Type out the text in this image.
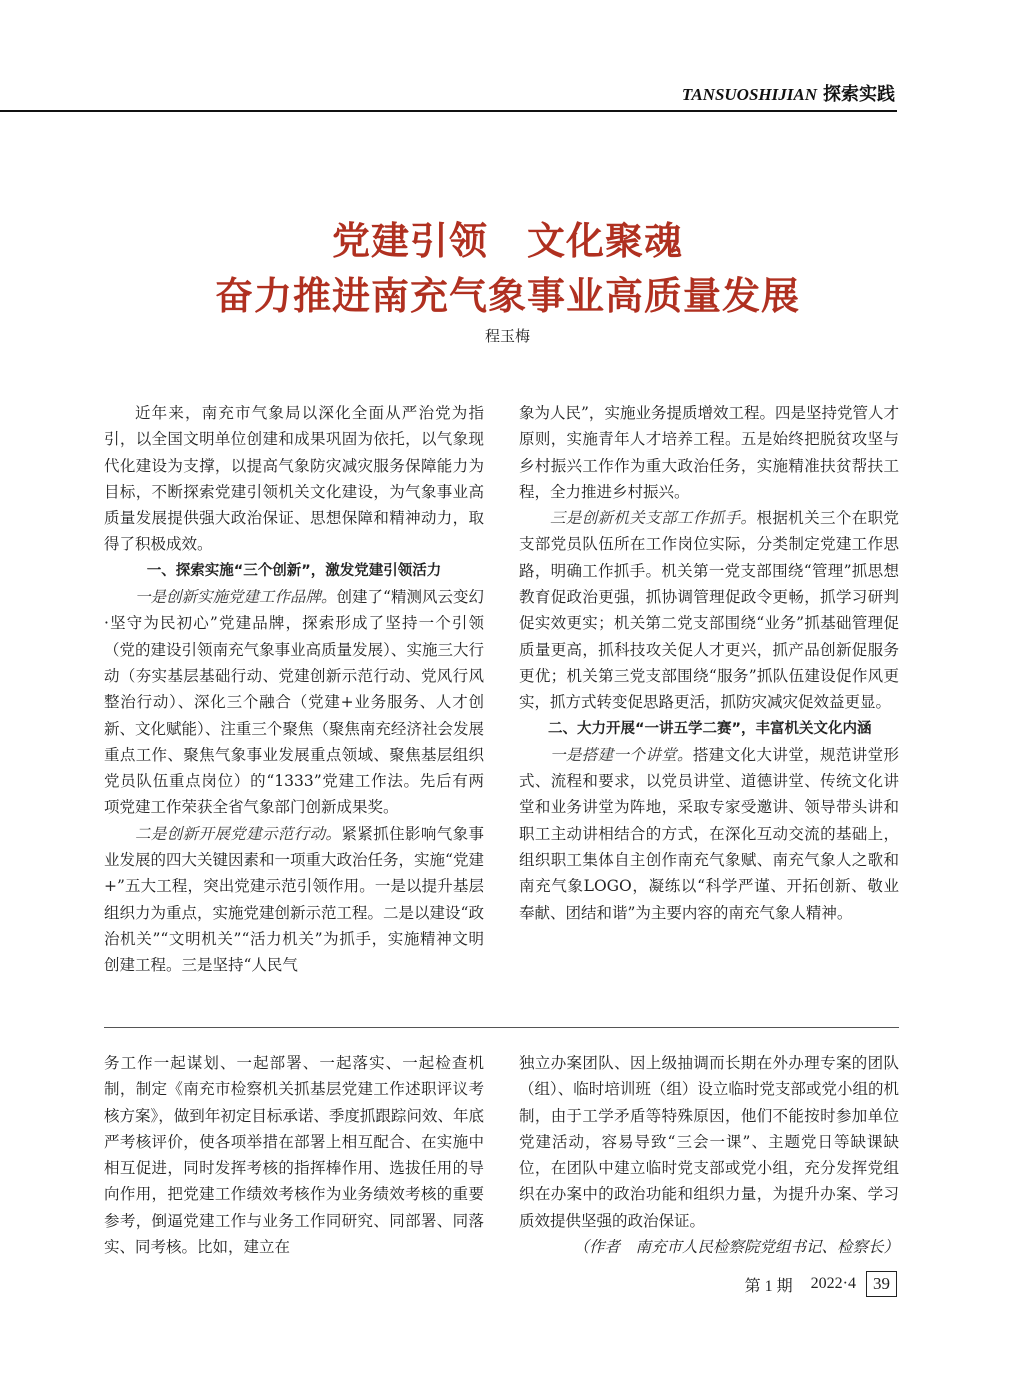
TANSUOSHIJIAN 探索实践
党建引领　文化聚魂
奋力推进南充气象事业高质量发展
程玉梅

近年来，南充市气象局以深化全面从严治党为指引，以全国文明单位创建和成果巩固为依托，以气象现代化建设为支撑，以提高气象防灾减灾服务保障能力为目标，不断探索党建引领机关文化建设，为气象事业高质量发展提供强大政治保证、思想保障和精神动力，取得了积极成效。

一、探索实施“三个创新”，激发党建引领活力

一是创新实施党建工作品牌。创建了“精测风云变幻·坚守为民初心”党建品牌，探索形成了坚持一个引领（党的建设引领南充气象事业高质量发展）、实施三大行动（夯实基层基础行动、党建创新示范行动、党风行风整治行动）、深化三个融合（党建+业务服务、人才创新、文化赋能）、注重三个聚焦（聚焦南充经济社会发展重点工作、聚焦气象事业发展重点领域、聚焦基层组织党员队伍重点岗位）的“1333”党建工作法。先后有两项党建工作荣获全省气象部门创新成果奖。

二是创新开展党建示范行动。紧紧抓住影响气象事业发展的四大关键因素和一项重大政治任务，实施“党建+”五大工程，突出党建示范引领作用。一是以提升基层组织力为重点，实施党建创新示范工程。二是以建设“政治机关”“文明机关”“活力机关”为抓手，实施精神文明创建工程。三是坚持“人民气

象为人民”，实施业务提质增效工程。四是坚持党管人才原则，实施青年人才培养工程。五是始终把脱贫攻坚与乡村振兴工作作为重大政治任务，实施精准扶贫帮扶工程，全力推进乡村振兴。

三是创新机关支部工作抓手。根据机关三个在职党支部党员队伍所在工作岗位实际，分类制定党建工作思路，明确工作抓手。机关第一党支部围绕“管理”抓思想教育促政治更强，抓协调管理促政令更畅，抓学习研判促实效更实；机关第二党支部围绕“业务”抓基础管理促质量更高，抓科技攻关促人才更兴，抓产品创新促服务更优；机关第三党支部围绕“服务”抓队伍建设促作风更实，抓方式转变促思路更活，抓防灾减灾促效益更显。

二、大力开展“一讲五学二赛”，丰富机关文化内涵

一是搭建一个讲堂。搭建文化大讲堂，规范讲堂形式、流程和要求，以党员讲堂、道德讲堂、传统文化讲堂和业务讲堂为阵地，采取专家受邀讲、领导带头讲和职工主动讲相结合的方式，在深化互动交流的基础上，组织职工集体自主创作南充气象赋、南充气象人之歌和南充气象LOGO，凝练以“科学严谨、开拓创新、敬业奉献、团结和谐”为主要内容的南充气象人精神。

务工作一起谋划、一起部署、一起落实、一起检查机制，制定《南充市检察机关抓基层党建工作述职评议考核方案》，做到年初定目标承诺、季度抓跟踪问效、年底严考核评价，使各项举措在部署上相互配合、在实施中相互促进，同时发挥考核的指挥棒作用、选拔任用的导向作用，把党建工作绩效考核作为业务绩效考核的重要参考，倒逼党建工作与业务工作同研究、同部署、同落实、同考核。比如，建立在

独立办案团队、因上级抽调而长期在外办理专案的团队（组）、临时培训班（组）设立临时党支部或党小组的机制，由于工学矛盾等特殊原因，他们不能按时参加单位党建活动，容易导致“三会一课”、主题党日等缺课缺位，在团队中建立临时党支部或党小组，充分发挥党组织在办案中的政治功能和组织力量，为提升办案、学习质效提供坚强的政治保证。

（作者　南充市人民检察院党组书记、检察长）

第 1 期 2022·4	39
